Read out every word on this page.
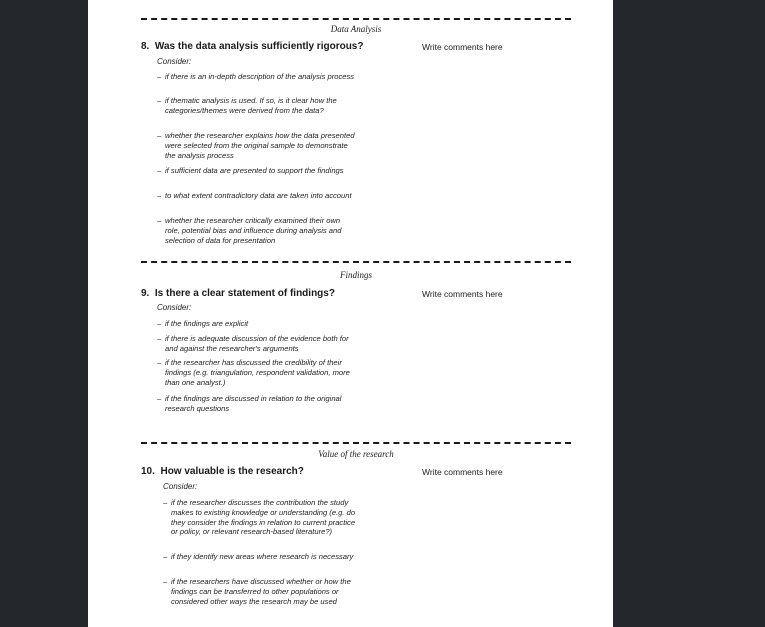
Data Analysis
8. Was the data analysis sufficiently rigorous?	Write comments here
Consider:
– if there is an in-depth description of the analysis process
– if thematic analysis is used. If so, is it clear how the categories/themes were derived from the data?
– whether the researcher explains how the data presented were selected from the original sample to demonstrate the analysis process
– if sufficient data are presented to support the findings
– to what extent contradictory data are taken into account
– whether the researcher critically examined their own role, potential bias and influence during analysis and selection of data for presentation
Findings
9. Is there a clear statement of findings?	Write comments here
Consider:
– if the findings are explicit
– if there is adequate discussion of the evidence both for and against the researcher's arguments
– if the researcher has discussed the credibility of their findings (e.g. triangulation, respondent validation, more than one analyst.)
– if the findings are discussed in relation to the original research questions
Value of the research
10. How valuable is the research?	Write comments here
Consider:
– if the researcher discusses the contribution the study makes to existing knowledge or understanding (e.g. do they consider the findings in relation to current practice or policy, or relevant research-based literature?)
– if they identify new areas where research is necessary
– if the researchers have discussed whether or how the findings can be transferred to other populations or considered other ways the research may be used
